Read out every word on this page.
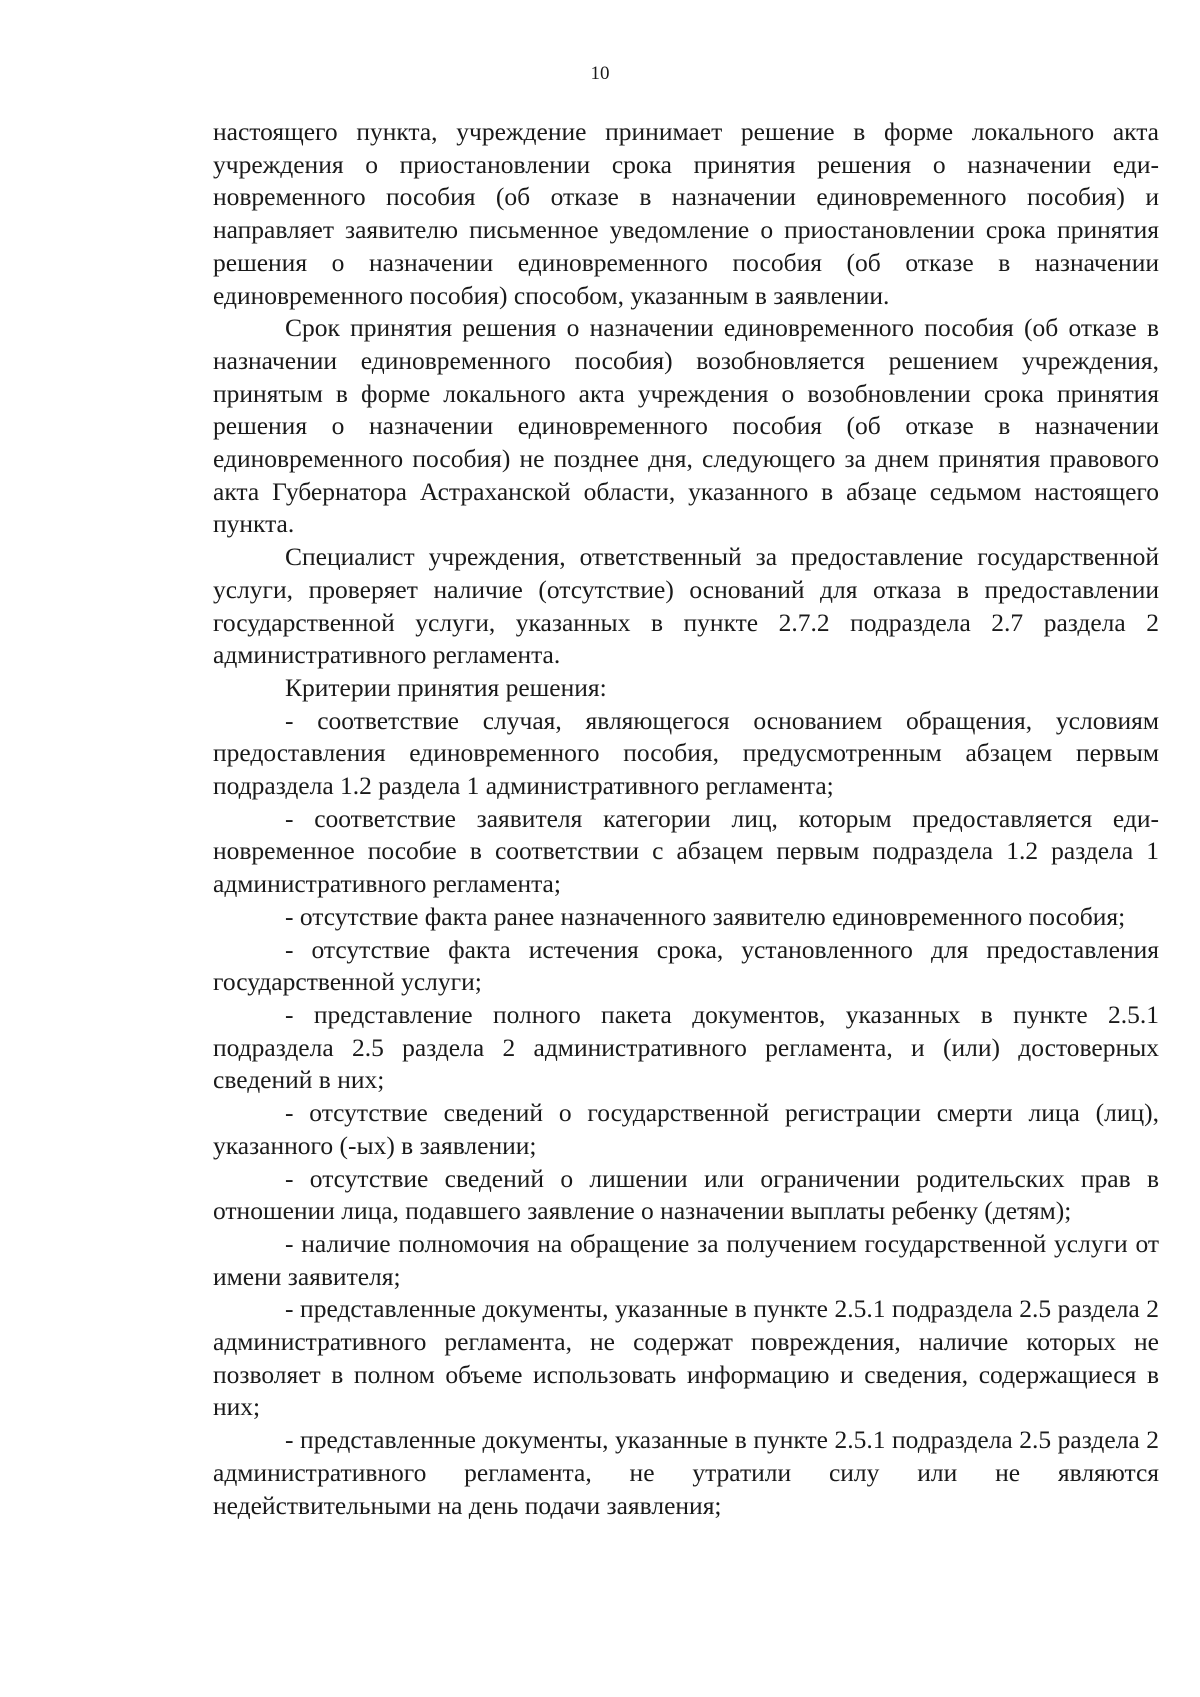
10

настоящего пункта, учреждение принимает решение в форме локального акта учреждения о приостановлении срока принятия решения о назначении единовременного пособия (об отказе в назначении единовременного пособия) и направляет заявителю письменное уведомление о приостановлении срока принятия решения о назначении единовременного пособия (об отказе в назначении единовременного пособия) способом, указанным в заявлении.

Срок принятия решения о назначении единовременного пособия (об отказе в назначении единовременного пособия) возобновляется решением учреждения, принятым в форме локального акта учреждения о возобновлении срока принятия решения о назначении единовременного пособия (об отказе в назначении единовременного пособия) не позднее дня, следующего за днем принятия правового акта Губернатора Астраханской области, указанного в абзаце седьмом настоящего пункта.

Специалист учреждения, ответственный за предоставление государственной услуги, проверяет наличие (отсутствие) оснований для отказа в предоставлении государственной услуги, указанных в пункте 2.7.2 подраздела 2.7 раздела 2 административного регламента.

Критерии принятия решения:

- соответствие случая, являющегося основанием обращения, условиям предоставления единовременного пособия, предусмотренным абзацем первым подраздела 1.2 раздела 1 административного регламента;

- соответствие заявителя категории лиц, которым предоставляется единовременное пособие в соответствии с абзацем первым подраздела 1.2 раздела 1 административного регламента;

- отсутствие факта ранее назначенного заявителю единовременного пособия;

- отсутствие факта истечения срока, установленного для предоставления государственной услуги;

- представление полного пакета документов, указанных в пункте 2.5.1 подраздела 2.5 раздела 2 административного регламента, и (или) достоверных сведений в них;

- отсутствие сведений о государственной регистрации смерти лица (лиц), указанного (-ых) в заявлении;

- отсутствие сведений о лишении или ограничении родительских прав в отношении лица, подавшего заявление о назначении выплаты ребенку (детям);

- наличие полномочия на обращение за получением государственной услуги от имени заявителя;

- представленные документы, указанные в пункте 2.5.1 подраздела 2.5 раздела 2 административного регламента, не содержат повреждения, наличие которых не позволяет в полном объеме использовать информацию и сведения, содержащиеся в них;

- представленные документы, указанные в пункте 2.5.1 подраздела 2.5 раздела 2 административного регламента, не утратили силу или не являются недействительными на день подачи заявления;
